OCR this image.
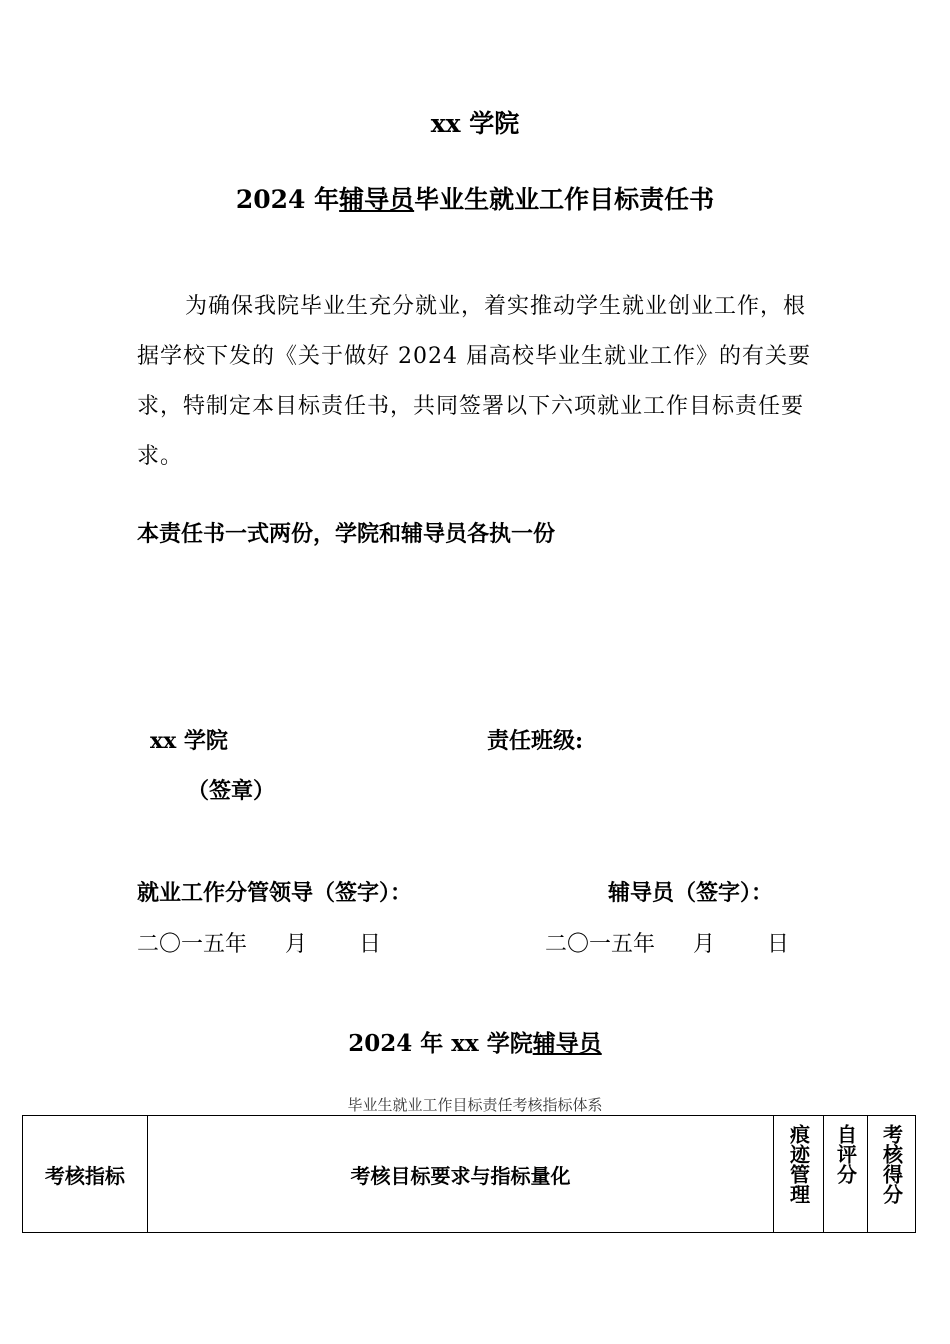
xx 学院
2024 年辅导员毕业生就业工作目标责任书
为确保我院毕业生充分就业，着实推动学生就业创业工作，根据学校下发的《关于做好 2024 届高校毕业生就业工作》的有关要求，特制定本目标责任书，共同签署以下六项就业工作目标责任要求。
本责任书一式两份，学院和辅导员各执一份
xx 学院	责任班级:
（签章）
就业工作分管领导（签字）：	辅导员（签字）：
二〇一五年 月 日	二〇一五年 月 日
2024 年 xx 学院辅导员
毕业生就业工作目标责任考核指标体系
考核指标	考核目标要求与指标量化	痕迹管理	自评分	考核得分
